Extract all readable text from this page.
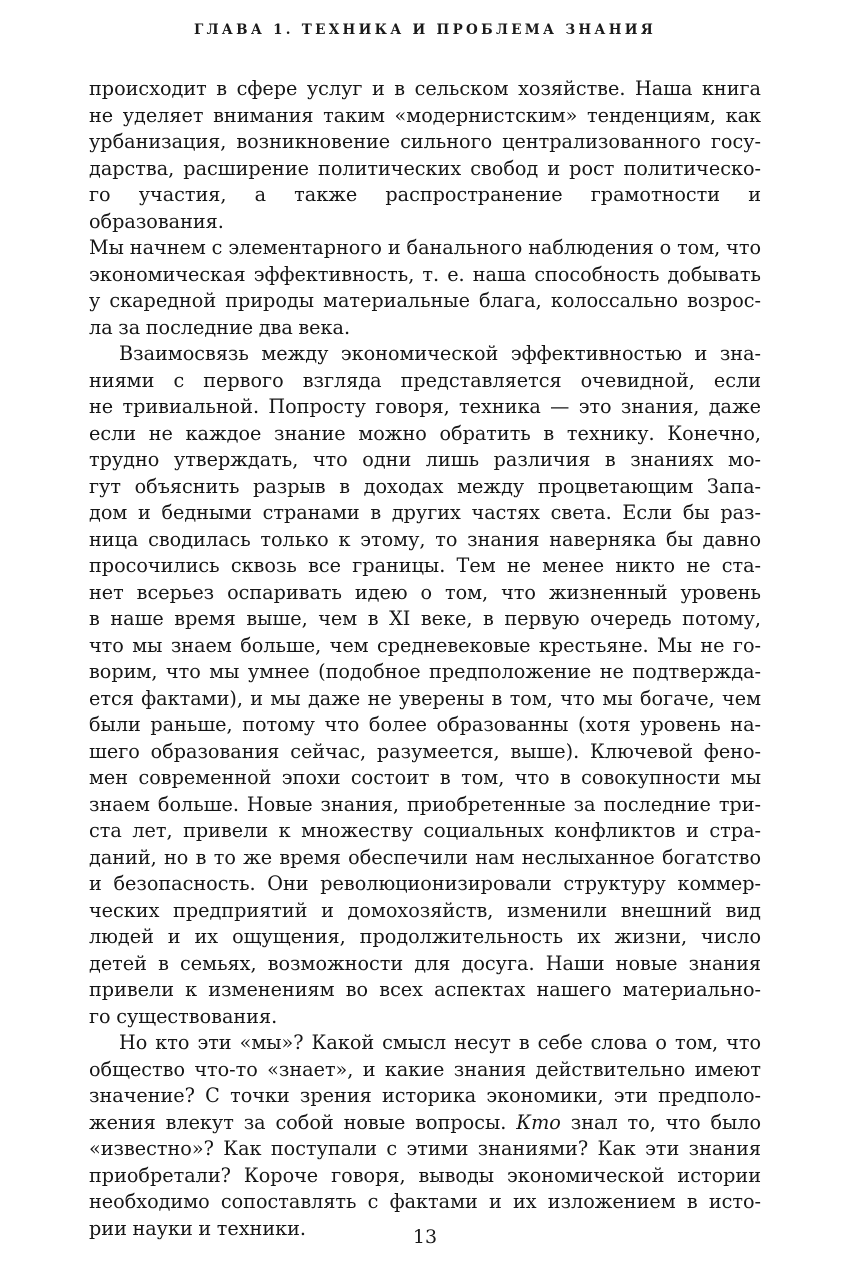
ГЛАВА 1. ТЕХНИКА И ПРОБЛЕМА ЗНАНИЯ

происходит в сфере услуг и в сельском хозяйстве. Наша книга
не уделяет внимания таким «модернистским» тенденциям, как
урбанизация, возникновение сильного централизованного госу-
дарства, расширение политических свобод и рост политическо-
го участия, а также распространение грамотности и образования.
Мы начнем с элементарного и банального наблюдения о том, что
экономическая эффективность, т. е. наша способность добывать
у скаредной природы материальные блага, колоссально возрос-
ла за последние два века.

Взаимосвязь между экономической эффективностью и зна-
ниями с первого взгляда представляется очевидной, если
не тривиальной. Попросту говоря, техника — это знания, даже
если не каждое знание можно обратить в технику. Конечно,
трудно утверждать, что одни лишь различия в знаниях мо-
гут объяснить разрыв в доходах между процветающим Запа-
дом и бедными странами в других частях света. Если бы раз-
ница сводилась только к этому, то знания наверняка бы давно
просочились сквозь все границы. Тем не менее никто не ста-
нет всерьез оспаривать идею о том, что жизненный уровень
в наше время выше, чем в XI веке, в первую очередь потому,
что мы знаем больше, чем средневековые крестьяне. Мы не го-
ворим, что мы умнее (подобное предположение не подтвержда-
ется фактами), и мы даже не уверены в том, что мы богаче, чем
были раньше, потому что более образованны (хотя уровень на-
шего образования сейчас, разумеется, выше). Ключевой фено-
мен современной эпохи состоит в том, что в совокупности мы
знаем больше. Новые знания, приобретенные за последние три-
ста лет, привели к множеству социальных конфликтов и стра-
даний, но в то же время обеспечили нам неслыханное богатство
и безопасность. Они революционизировали структуру коммер-
ческих предприятий и домохозяйств, изменили внешний вид
людей и их ощущения, продолжительность их жизни, число
детей в семьях, возможности для досуга. Наши новые знания
привели к изменениям во всех аспектах нашего материально-
го существования.

Но кто эти «мы»? Какой смысл несут в себе слова о том, что
общество что-то «знает», и какие знания действительно имеют
значение? С точки зрения историка экономики, эти предполо-
жения влекут за собой новые вопросы. Кто знал то, что было
«известно»? Как поступали с этими знаниями? Как эти знания
приобретали? Короче говоря, выводы экономической истории
необходимо сопоставлять с фактами и их изложением в исто-
рии науки и техники.	13
